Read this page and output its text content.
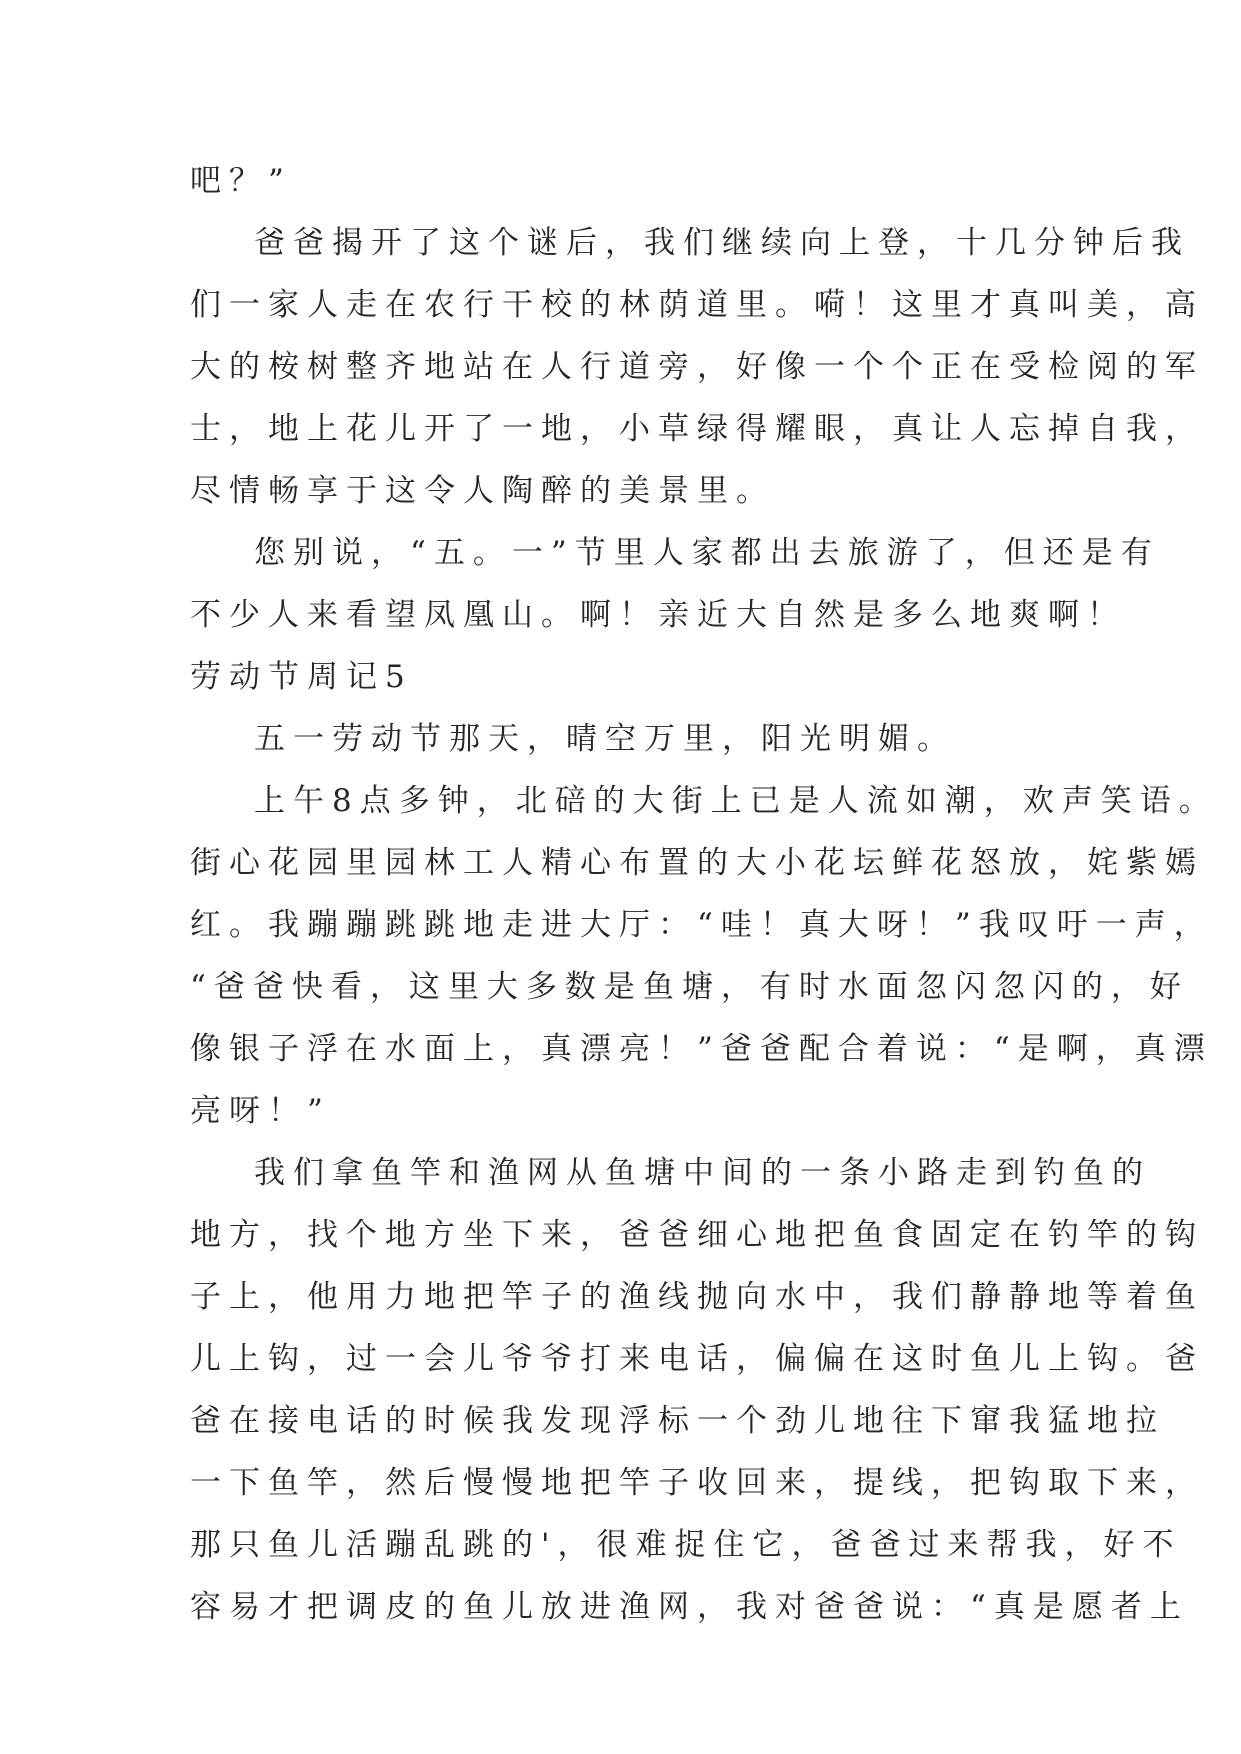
吧？”
爸爸揭开了这个谜后，我们继续向上登，十几分钟后我
们一家人走在农行干校的林荫道里。嗬！这里才真叫美，高
大的桉树整齐地站在人行道旁，好像一个个正在受检阅的军
士，地上花儿开了一地，小草绿得耀眼，真让人忘掉自我，
尽情畅享于这令人陶醉的美景里。
您别说，“五。一”节里人家都出去旅游了，但还是有
不少人来看望凤凰山。啊！亲近大自然是多么地爽啊！
劳动节周记5
五一劳动节那天，晴空万里，阳光明媚。
上午8点多钟，北碚的大街上已是人流如潮，欢声笑语。
街心花园里园林工人精心布置的大小花坛鲜花怒放，姹紫嫣
红。我蹦蹦跳跳地走进大厅：“哇！真大呀！”我叹吁一声，
“爸爸快看，这里大多数是鱼塘，有时水面忽闪忽闪的，好
像银子浮在水面上，真漂亮！”爸爸配合着说：“是啊，真漂
亮呀！”
我们拿鱼竿和渔网从鱼塘中间的一条小路走到钓鱼的
地方，找个地方坐下来，爸爸细心地把鱼食固定在钓竿的钩
子上，他用力地把竿子的渔线抛向水中，我们静静地等着鱼
儿上钩，过一会儿爷爷打来电话，偏偏在这时鱼儿上钩。爸
爸在接电话的时候我发现浮标一个劲儿地往下窜我猛地拉
一下鱼竿，然后慢慢地把竿子收回来，提线，把钩取下来，
那只鱼儿活蹦乱跳的'，很难捉住它，爸爸过来帮我，好不
容易才把调皮的鱼儿放进渔网，我对爸爸说：“真是愿者上
